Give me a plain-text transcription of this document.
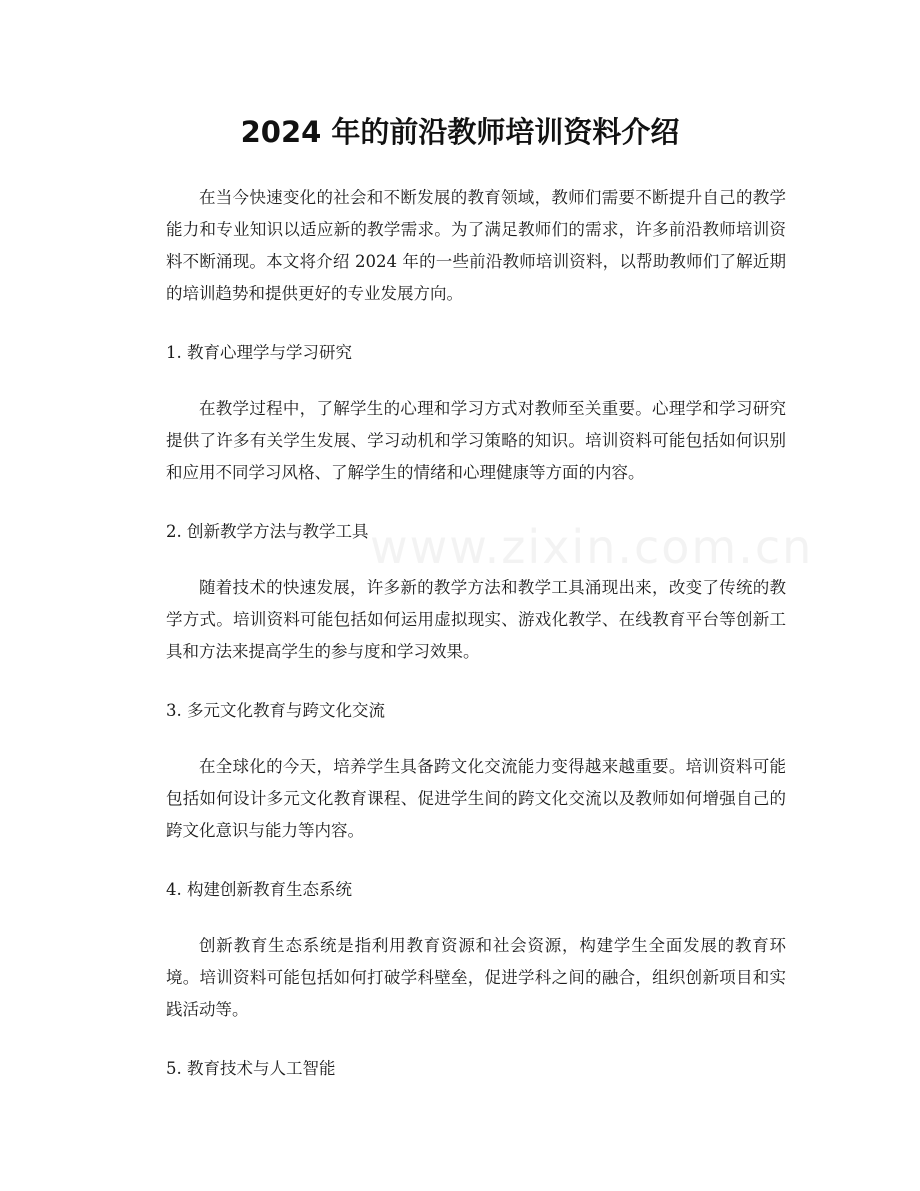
2024 年的前沿教师培训资料介绍

在当今快速变化的社会和不断发展的教育领域，教师们需要不断提升自己的教学能力和专业知识以适应新的教学需求。为了满足教师们的需求，许多前沿教师培训资料不断涌现。本文将介绍 2024 年的一些前沿教师培训资料，以帮助教师们了解近期的培训趋势和提供更好的专业发展方向。

1. 教育心理学与学习研究

在教学过程中，了解学生的心理和学习方式对教师至关重要。心理学和学习研究提供了许多有关学生发展、学习动机和学习策略的知识。培训资料可能包括如何识别和应用不同学习风格、了解学生的情绪和心理健康等方面的内容。

2. 创新教学方法与教学工具

随着技术的快速发展，许多新的教学方法和教学工具涌现出来，改变了传统的教学方式。培训资料可能包括如何运用虚拟现实、游戏化教学、在线教育平台等创新工具和方法来提高学生的参与度和学习效果。

3. 多元文化教育与跨文化交流

在全球化的今天，培养学生具备跨文化交流能力变得越来越重要。培训资料可能包括如何设计多元文化教育课程、促进学生间的跨文化交流以及教师如何增强自己的跨文化意识与能力等内容。

4. 构建创新教育生态系统

创新教育生态系统是指利用教育资源和社会资源，构建学生全面发展的教育环境。培训资料可能包括如何打破学科壁垒，促进学科之间的融合，组织创新项目和实践活动等。

5. 教育技术与人工智能

www.zixin.com.cn
